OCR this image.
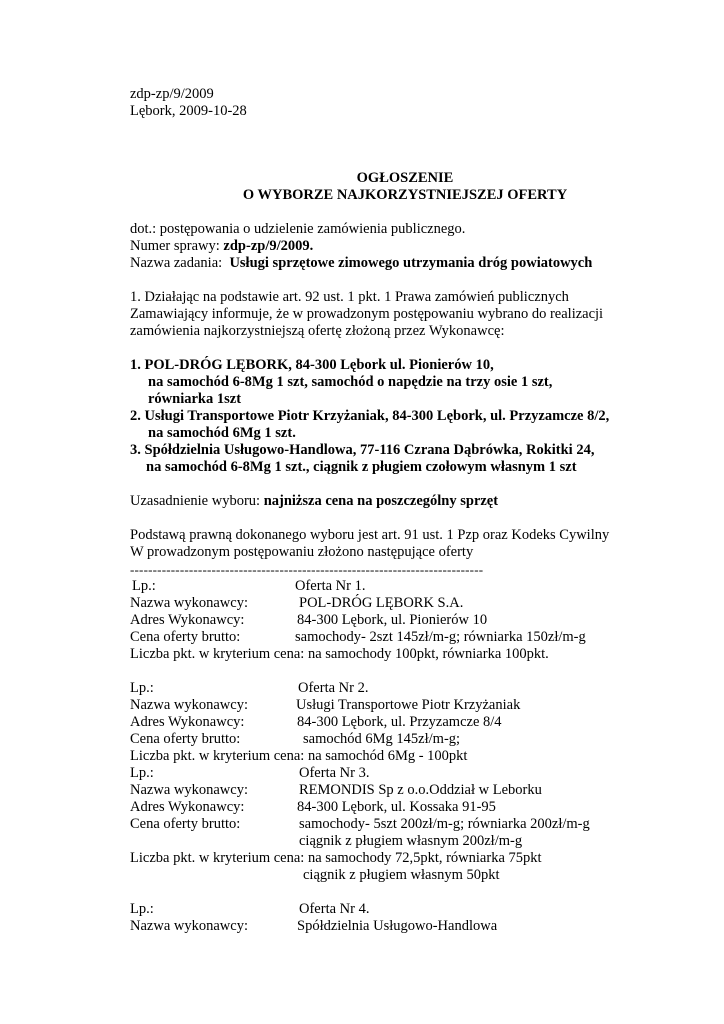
zdp-zp/9/2009
Lębork, 2009-10-28
OGŁOSZENIE
O WYBORZE NAJKORZYSTNIEJSZEJ OFERTY
dot.: postępowania o udzielenie zamówienia publicznego.
Numer sprawy: zdp-zp/9/2009.
Nazwa zadania:  Usługi sprzętowe zimowego utrzymania dróg powiatowych
1. Działając na podstawie art. 92 ust. 1 pkt. 1 Prawa zamówień publicznych
Zamawiający informuje, że w prowadzonym postępowaniu wybrano do realizacji
zamówienia najkorzystniejszą ofertę złożoną przez Wykonawcę:
1. POL-DRÓG LĘBORK, 84-300 Lębork ul. Pionierów 10,
na samochód 6-8Mg 1 szt, samochód o napędzie na trzy osie 1 szt,
równiarka 1szt
2. Usługi Transportowe Piotr Krzyżaniak, 84-300 Lębork, ul. Przyzamcze 8/2,
na samochód 6Mg 1 szt.
3. Spółdzielnia Usługowo-Handlowa, 77-116 Czrana Dąbrówka, Rokitki 24,
na samochód 6-8Mg 1 szt., ciągnik z pługiem czołowym własnym 1 szt
Uzasadnienie wyboru: najniższa cena na poszczególny sprzęt
Podstawą prawną dokonanego wyboru jest art. 91 ust. 1 Pzp oraz Kodeks Cywilny
W prowadzonym postępowaniu złożono następujące oferty
------------------------------------------------------------------------------
Lp.:	Oferta Nr 1.
Nazwa wykonawcy:	POL-DRÓG LĘBORK S.A.
Adres Wykonawcy:	84-300 Lębork, ul. Pionierów 10
Cena oferty brutto:	samochody- 2szt 145zł/m-g; równiarka 150zł/m-g
Liczba pkt. w kryterium cena: na samochody 100pkt, równiarka 100pkt.
Lp.:	Oferta Nr 2.
Nazwa wykonawcy:	Usługi Transportowe Piotr Krzyżaniak
Adres Wykonawcy:	84-300 Lębork, ul. Przyzamcze 8/4
Cena oferty brutto:	samochód 6Mg 145zł/m-g;
Liczba pkt. w kryterium cena: na samochód 6Mg - 100pkt
Lp.:	Oferta Nr 3.
Nazwa wykonawcy:	REMONDIS Sp z o.o.Oddział w Leborku
Adres Wykonawcy:	84-300 Lębork, ul. Kossaka 91-95
Cena oferty brutto:	samochody- 5szt 200zł/m-g; równiarka 200zł/m-g
ciągnik z pługiem własnym 200zł/m-g
Liczba pkt. w kryterium cena: na samochody 72,5pkt, równiarka 75pkt
ciągnik z pługiem własnym 50pkt
Lp.:	Oferta Nr 4.
Nazwa wykonawcy:	Spółdzielnia Usługowo-Handlowa
